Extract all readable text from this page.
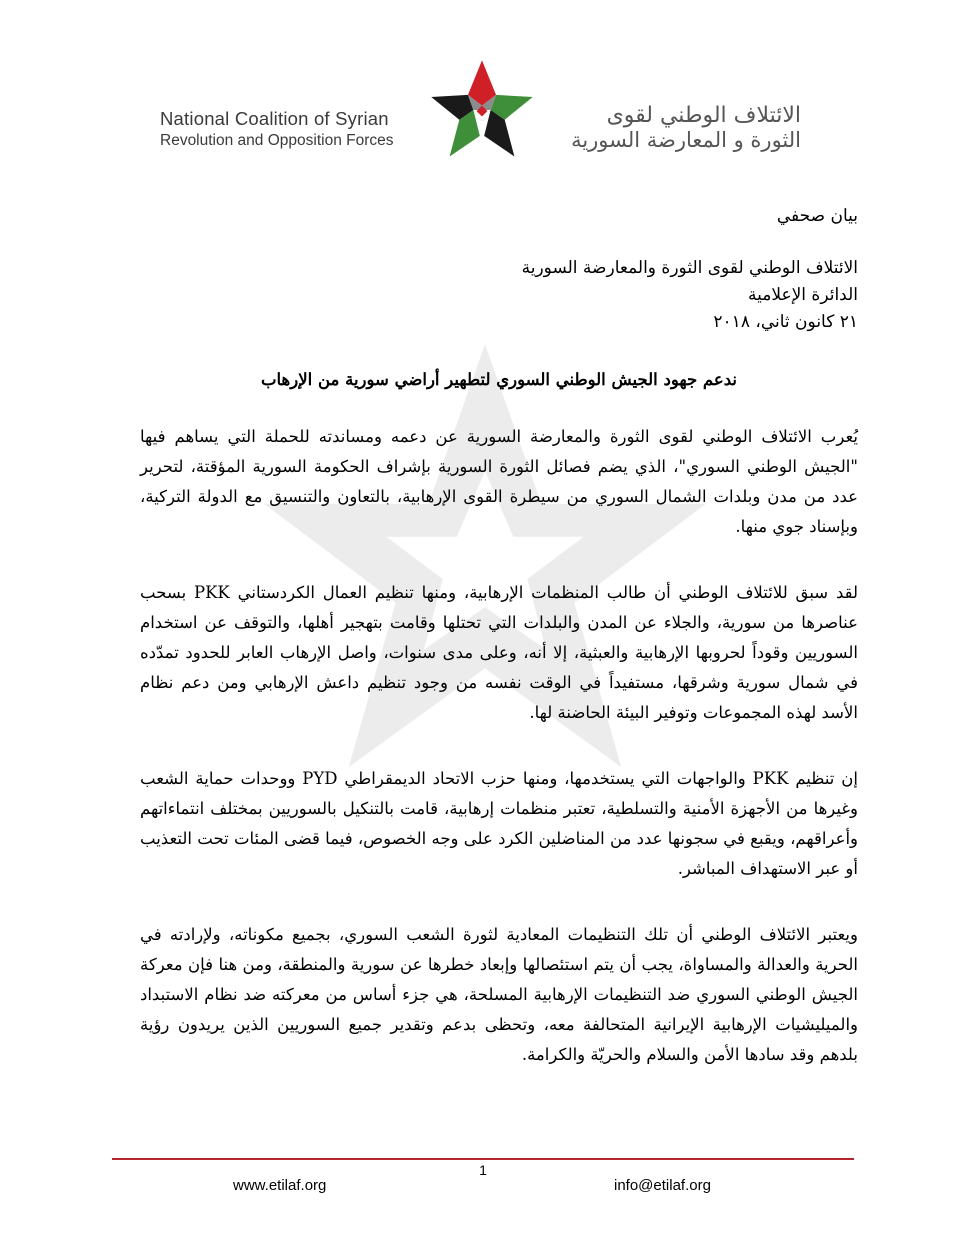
National Coalition of Syrian
Revolution and Opposition Forces
الائتلاف الوطني لقوى
الثورة و المعارضة السورية

بيان صحفي

الائتلاف الوطني لقوى الثورة والمعارضة السورية
الدائرة الإعلامية
٢١ كانون ثاني، ٢٠١٨
ندعم جهود الجيش الوطني السوري لتطهير أراضي سورية من الإرهاب

يُعرب الائتلاف الوطني لقوى الثورة والمعارضة السورية عن دعمه ومساندته للحملة التي يساهم فيها "الجيش الوطني السوري"، الذي يضم فصائل الثورة السورية بإشراف الحكومة السورية المؤقتة، لتحرير عدد من مدن وبلدات الشمال السوري من سيطرة القوى الإرهابية، بالتعاون والتنسيق مع الدولة التركية، وبإسناد جوي منها.

لقد سبق للائتلاف الوطني أن طالب المنظمات الإرهابية، ومنها تنظيم العمال الكردستاني PKK بسحب عناصرها من سورية، والجلاء عن المدن والبلدات التي تحتلها وقامت بتهجير أهلها، والتوقف عن استخدام السوريين وقوداً لحروبها الإرهابية والعبثية، إلا أنه، وعلى مدى سنوات، واصل الإرهاب العابر للحدود تمدّده في شمال سورية وشرقها، مستفيداً في الوقت نفسه من وجود تنظيم داعش الإرهابي ومن دعم نظام الأسد لهذه المجموعات وتوفير البيئة الحاضنة لها.

إن تنظيم PKK والواجهات التي يستخدمها، ومنها حزب الاتحاد الديمقراطي PYD ووحدات حماية الشعب وغيرها من الأجهزة الأمنية والتسلطية، تعتبر منظمات إرهابية، قامت بالتنكيل بالسوريين بمختلف انتماءاتهم وأعراقهم، ويقبع في سجونها عدد من المناضلين الكرد على وجه الخصوص، فيما قضى المئات تحت التعذيب أو عبر الاستهداف المباشر.

ويعتبر الائتلاف الوطني أن تلك التنظيمات المعادية لثورة الشعب السوري، بجميع مكوناته، ولإرادته في الحرية والعدالة والمساواة، يجب أن يتم استئصالها وإبعاد خطرها عن سورية والمنطقة، ومن هنا فإن معركة الجيش الوطني السوري ضد التنظيمات الإرهابية المسلحة، هي جزء أساس من معركته ضد نظام الاستبداد والميليشيات الإرهابية الإيرانية المتحالفة معه، وتحظى بدعم وتقدير جميع السوريين الذين يريدون رؤية بلدهم وقد سادها الأمن والسلام والحريّة والكرامة.

1
www.etilaf.org	info@etilaf.org
